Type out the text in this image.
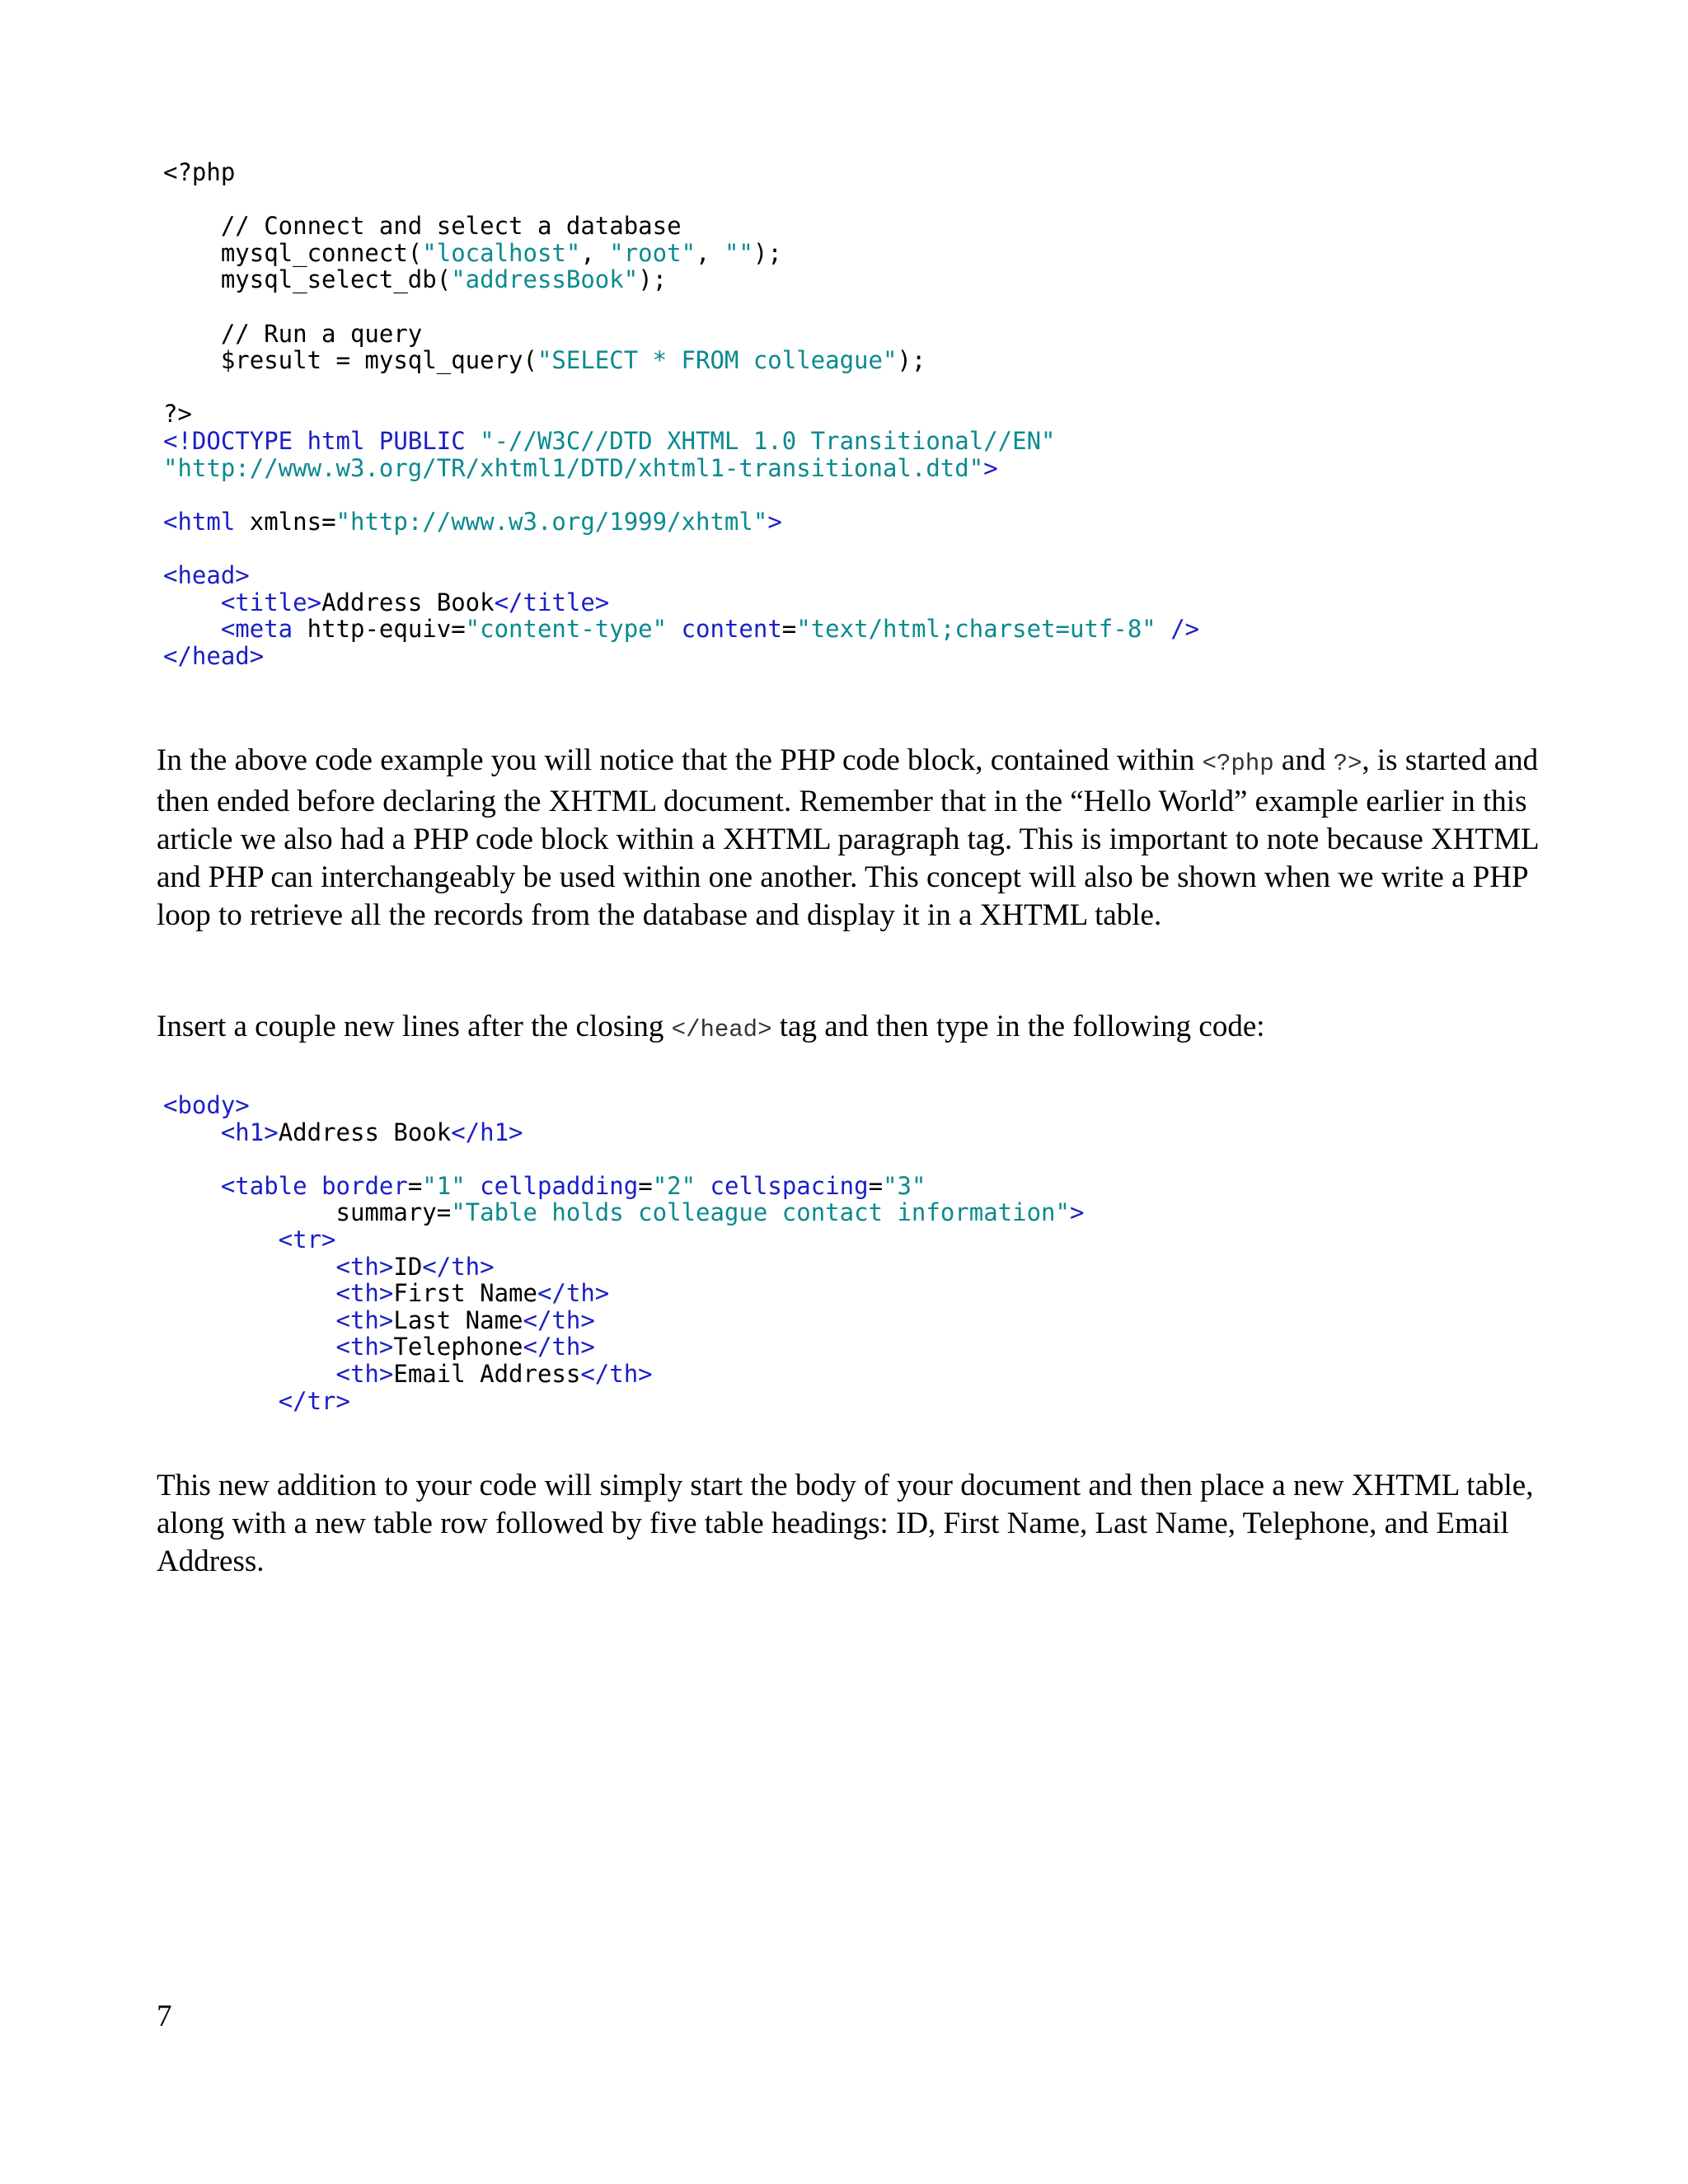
<?php

// Connect and select a database
mysql_connect("localhost", "root", "");
mysql_select_db("addressBook");

// Run a query
$result = mysql_query("SELECT * FROM colleague");

?>
<!DOCTYPE html PUBLIC "-//W3C//DTD XHTML 1.0 Transitional//EN"
"http://www.w3.org/TR/xhtml1/DTD/xhtml1-transitional.dtd">

<html xmlns="http://www.w3.org/1999/xhtml">

<head>
<title>Address Book</title>
<meta http-equiv="content-type" content="text/html;charset=utf-8" />
</head>

In the above code example you will notice that the PHP code block, contained within <?php and ?>, is started and then ended before declaring the XHTML document. Remember that in the “Hello World” example earlier in this article we also had a PHP code block within a XHTML paragraph tag. This is important to note because XHTML and PHP can interchangeably be used within one another. This concept will also be shown when we write a PHP loop to retrieve all the records from the database and display it in a XHTML table.

Insert a couple new lines after the closing </head> tag and then type in the following code:

<body>
<h1>Address Book</h1>

<table border="1" cellpadding="2" cellspacing="3"
summary="Table holds colleague contact information">
<tr>
<th>ID</th>
<th>First Name</th>
<th>Last Name</th>
<th>Telephone</th>
<th>Email Address</th>
</tr>

This new addition to your code will simply start the body of your document and then place a new XHTML table, along with a new table row followed by five table headings: ID, First Name, Last Name, Telephone, and Email Address.

7
